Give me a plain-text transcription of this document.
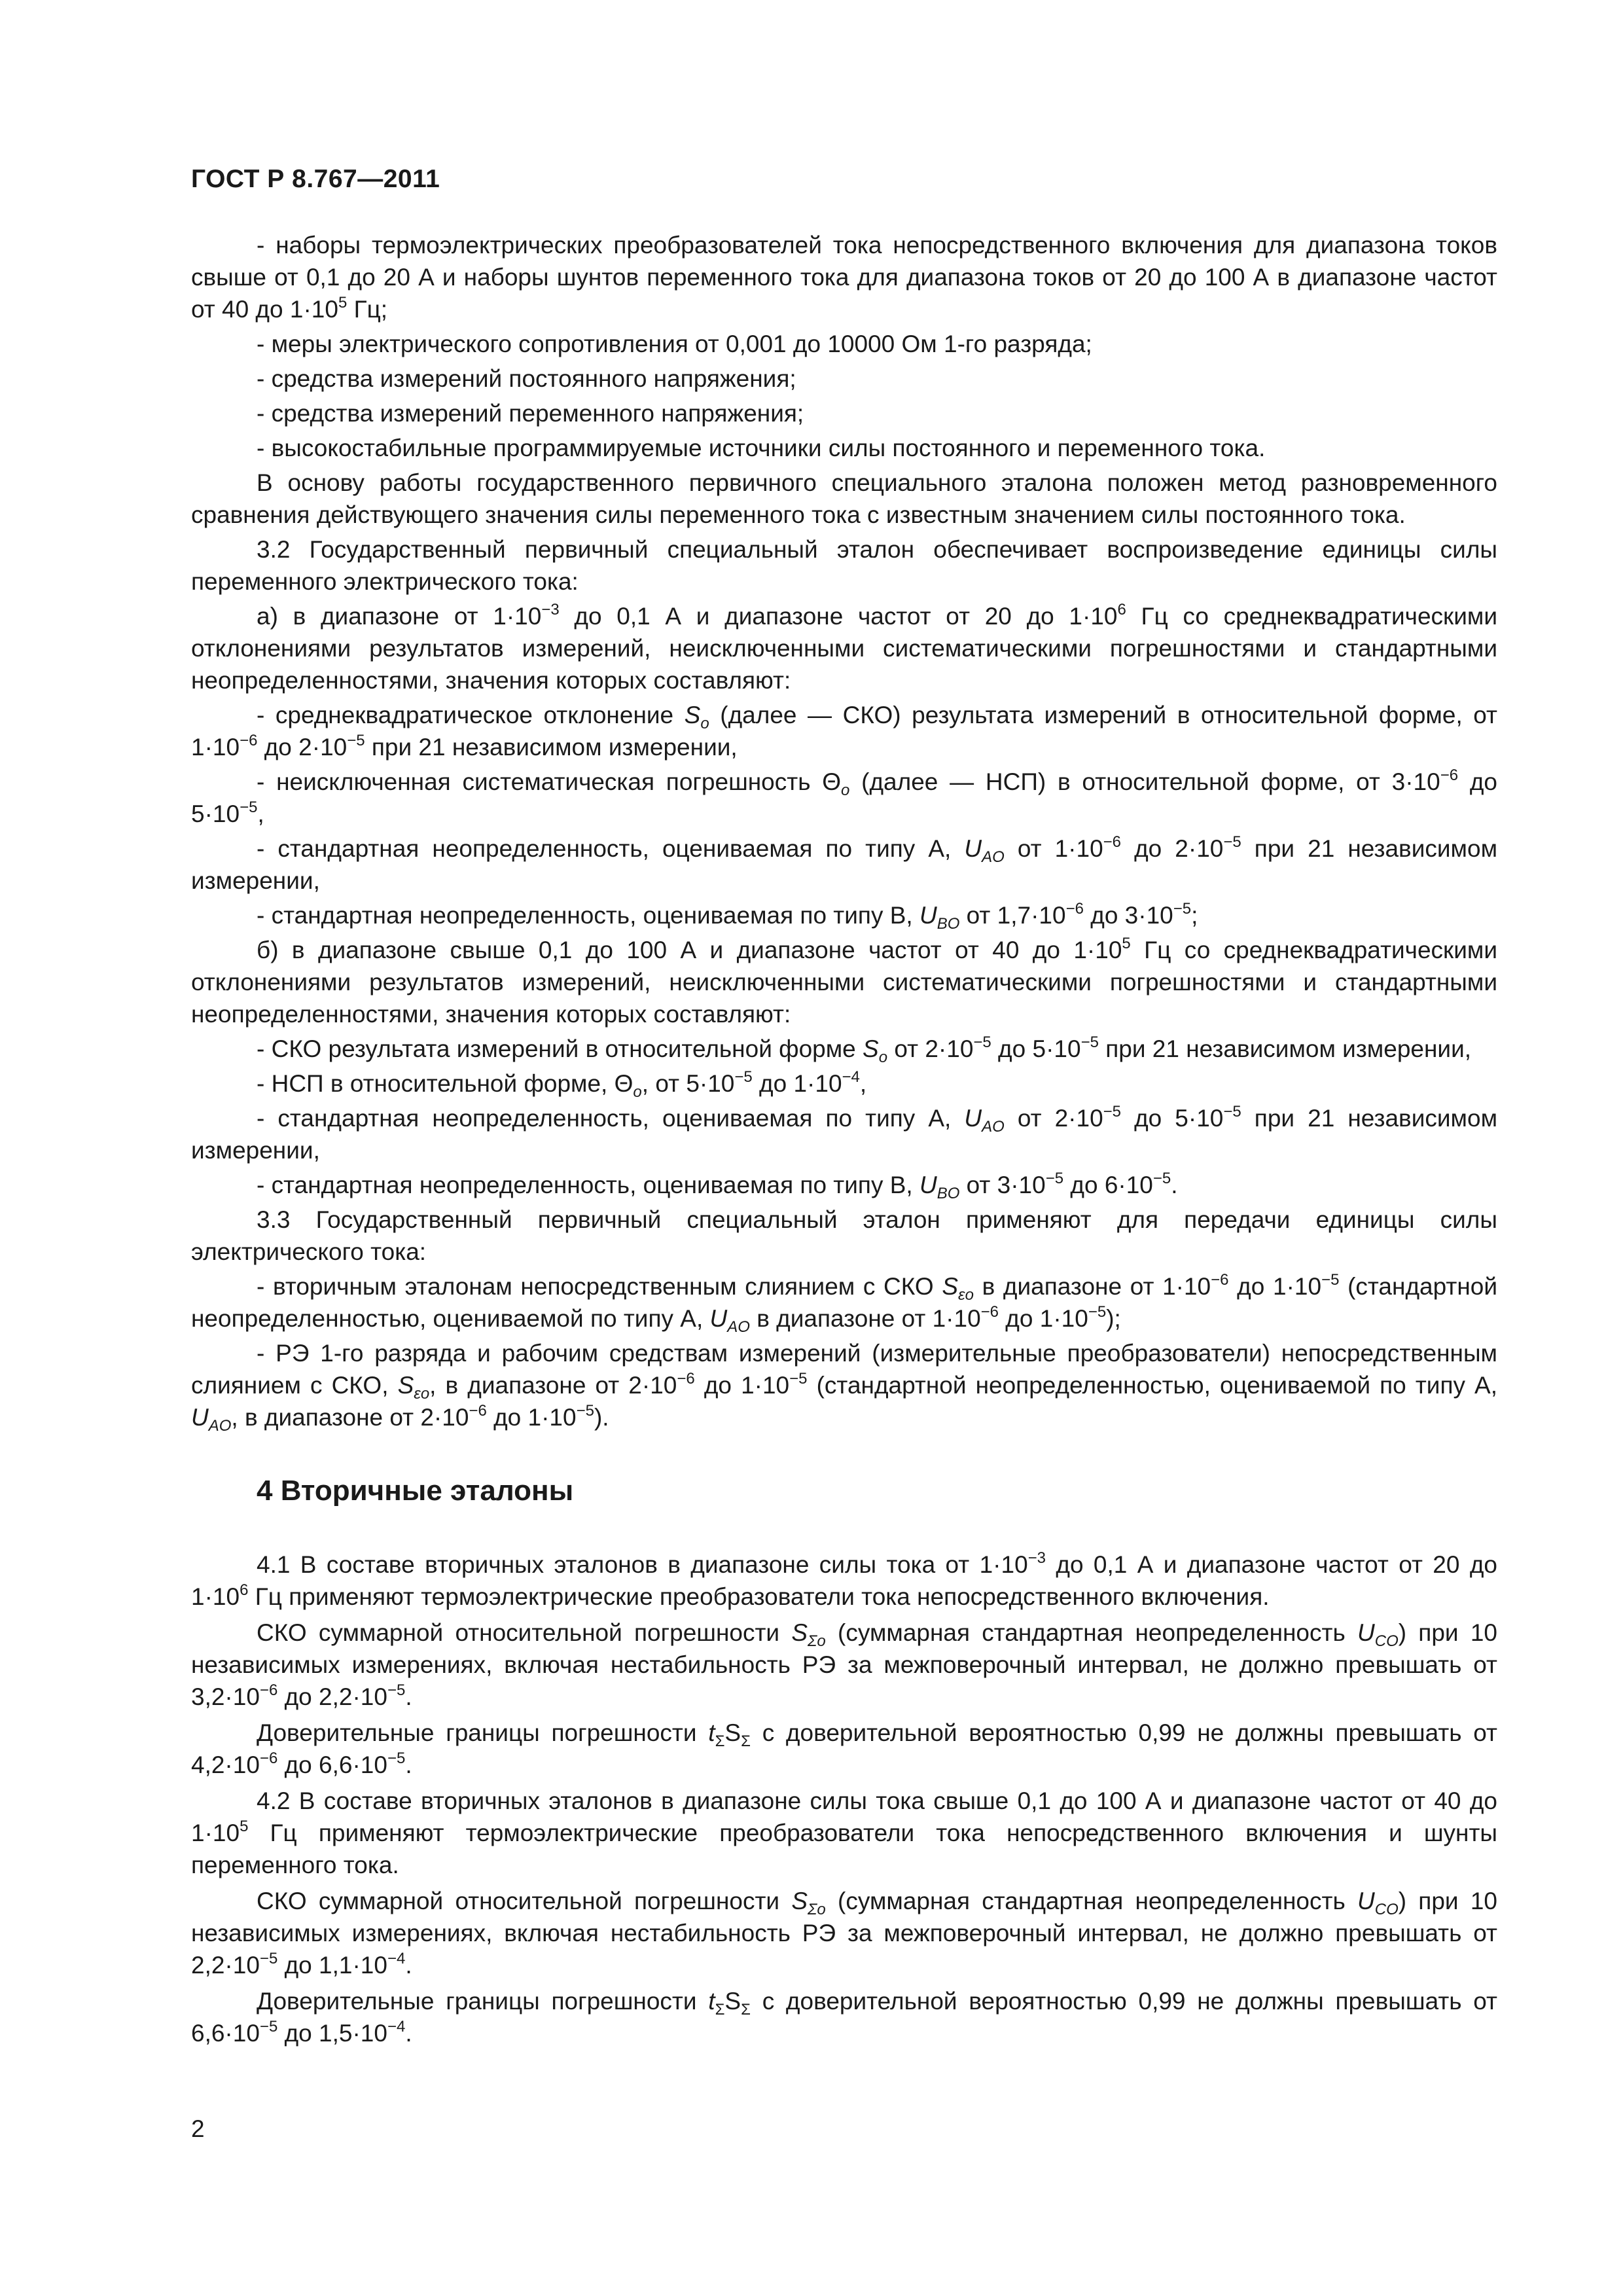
ГОСТ Р 8.767—2011

- наборы термоэлектрических преобразователей тока непосредственного включения для диапазона токов свыше от 0,1 до 20 А и наборы шунтов переменного тока для диапазона токов от 20 до 100 А в диапазоне частот от 40 до $1\cdot 10^5$ Гц;

- меры электрического сопротивления от 0,001 до 10000 Ом 1-го разряда;

- средства измерений постоянного напряжения;

- средства измерений переменного напряжения;

- высокостабильные программируемые источники силы постоянного и переменного тока.

В основу работы государственного первичного специального эталона положен метод разновременного сравнения действующего значения силы переменного тока с известным значением силы постоянного тока.

3.2 Государственный первичный специальный эталон обеспечивает воспроизведение единицы силы переменного электрического тока:

а) в диапазоне от $1\cdot 10^{-3}$ до 0,1 А и диапазоне частот от 20 до $1\cdot 10^6$ Гц со среднеквадратическими отклонениями результатов измерений, неисключенными систематическими погрешностями и стандартными неопределенностями, значения которых составляют:

- среднеквадратическое отклонение $S_o$ (далее — СКО) результата измерений в относительной форме, от $1\cdot 10^{-6}$ до $2\cdot 10^{-5}$ при 21 независимом измерении,

- неисключенная систематическая погрешность $\Theta_o$ (далее — НСП) в относительной форме, от $3\cdot 10^{-6}$ до $5\cdot 10^{-5}$,

- стандартная неопределенность, оцениваемая по типу А, $U_{AO}$ от $1\cdot 10^{-6}$ до $2\cdot 10^{-5}$ при 21 независимом измерении,

- стандартная неопределенность, оцениваемая по типу В, $U_{BO}$ от $1,7\cdot 10^{-6}$ до $3\cdot 10^{-5}$;

б) в диапазоне свыше 0,1 до 100 А и диапазоне частот от 40 до $1\cdot 10^5$ Гц со среднеквадратическими отклонениями результатов измерений, неисключенными систематическими погрешностями и стандартными неопределенностями, значения которых составляют:

- СКО результата измерений в относительной форме $S_o$ от $2\cdot 10^{-5}$ до $5\cdot 10^{-5}$ при 21 независимом измерении,

- НСП в относительной форме, $\Theta_o$, от $5\cdot 10^{-5}$ до $1\cdot 10^{-4}$,

- стандартная неопределенность, оцениваемая по типу А, $U_{AO}$ от $2\cdot 10^{-5}$ до $5\cdot 10^{-5}$ при 21 независимом измерении,

- стандартная неопределенность, оцениваемая по типу В, $U_{BO}$ от $3\cdot 10^{-5}$ до $6\cdot 10^{-5}$.

3.3 Государственный первичный специальный эталон применяют для передачи единицы силы электрического тока:

- вторичным эталонам непосредственным слиянием с СКО $S_{\varepsilon o}$ в диапазоне от $1\cdot 10^{-6}$ до $1\cdot 10^{-5}$ (стандартной неопределенностью, оцениваемой по типу А, $U_{AO}$ в диапазоне от $1\cdot 10^{-6}$ до $1\cdot 10^{-5}$);

- РЭ 1-го разряда и рабочим средствам измерений (измерительные преобразователи) непосредственным слиянием с СКО, $S_{\varepsilon o}$, в диапазоне от $2\cdot 10^{-6}$ до $1\cdot 10^{-5}$ (стандартной неопределенностью, оцениваемой по типу А, $U_{AO}$, в диапазоне от $2\cdot 10^{-6}$ до $1\cdot 10^{-5}$).

4 Вторичные эталоны

4.1 В составе вторичных эталонов в диапазоне силы тока от $1\cdot 10^{-3}$ до 0,1 А и диапазоне частот от 20 до $1\cdot 10^6$ Гц применяют термоэлектрические преобразователи тока непосредственного включения.

СКО суммарной относительной погрешности $S_{\Sigma o}$ (суммарная стандартная неопределенность $U_{CO}$) при 10 независимых измерениях, включая нестабильность РЭ за межповерочный интервал, не должно превышать от $3,2\cdot 10^{-6}$ до $2,2\cdot 10^{-5}$.

Доверительные границы погрешности $t_\Sigma S_\Sigma$ с доверительной вероятностью 0,99 не должны превышать от $4,2\cdot 10^{-6}$ до $6,6\cdot 10^{-5}$.

4.2 В составе вторичных эталонов в диапазоне силы тока свыше 0,1 до 100 А и диапазоне частот от 40 до $1\cdot 10^5$ Гц применяют термоэлектрические преобразователи тока непосредственного включения и шунты переменного тока.

СКО суммарной относительной погрешности $S_{\Sigma o}$ (суммарная стандартная неопределенность $U_{CO}$) при 10 независимых измерениях, включая нестабильность РЭ за межповерочный интервал, не должно превышать от $2,2\cdot 10^{-5}$ до $1,1\cdot 10^{-4}$.

Доверительные границы погрешности $t_\Sigma S_\Sigma$ с доверительной вероятностью 0,99 не должны превышать от $6,6\cdot 10^{-5}$ до $1,5\cdot 10^{-4}$.

2
